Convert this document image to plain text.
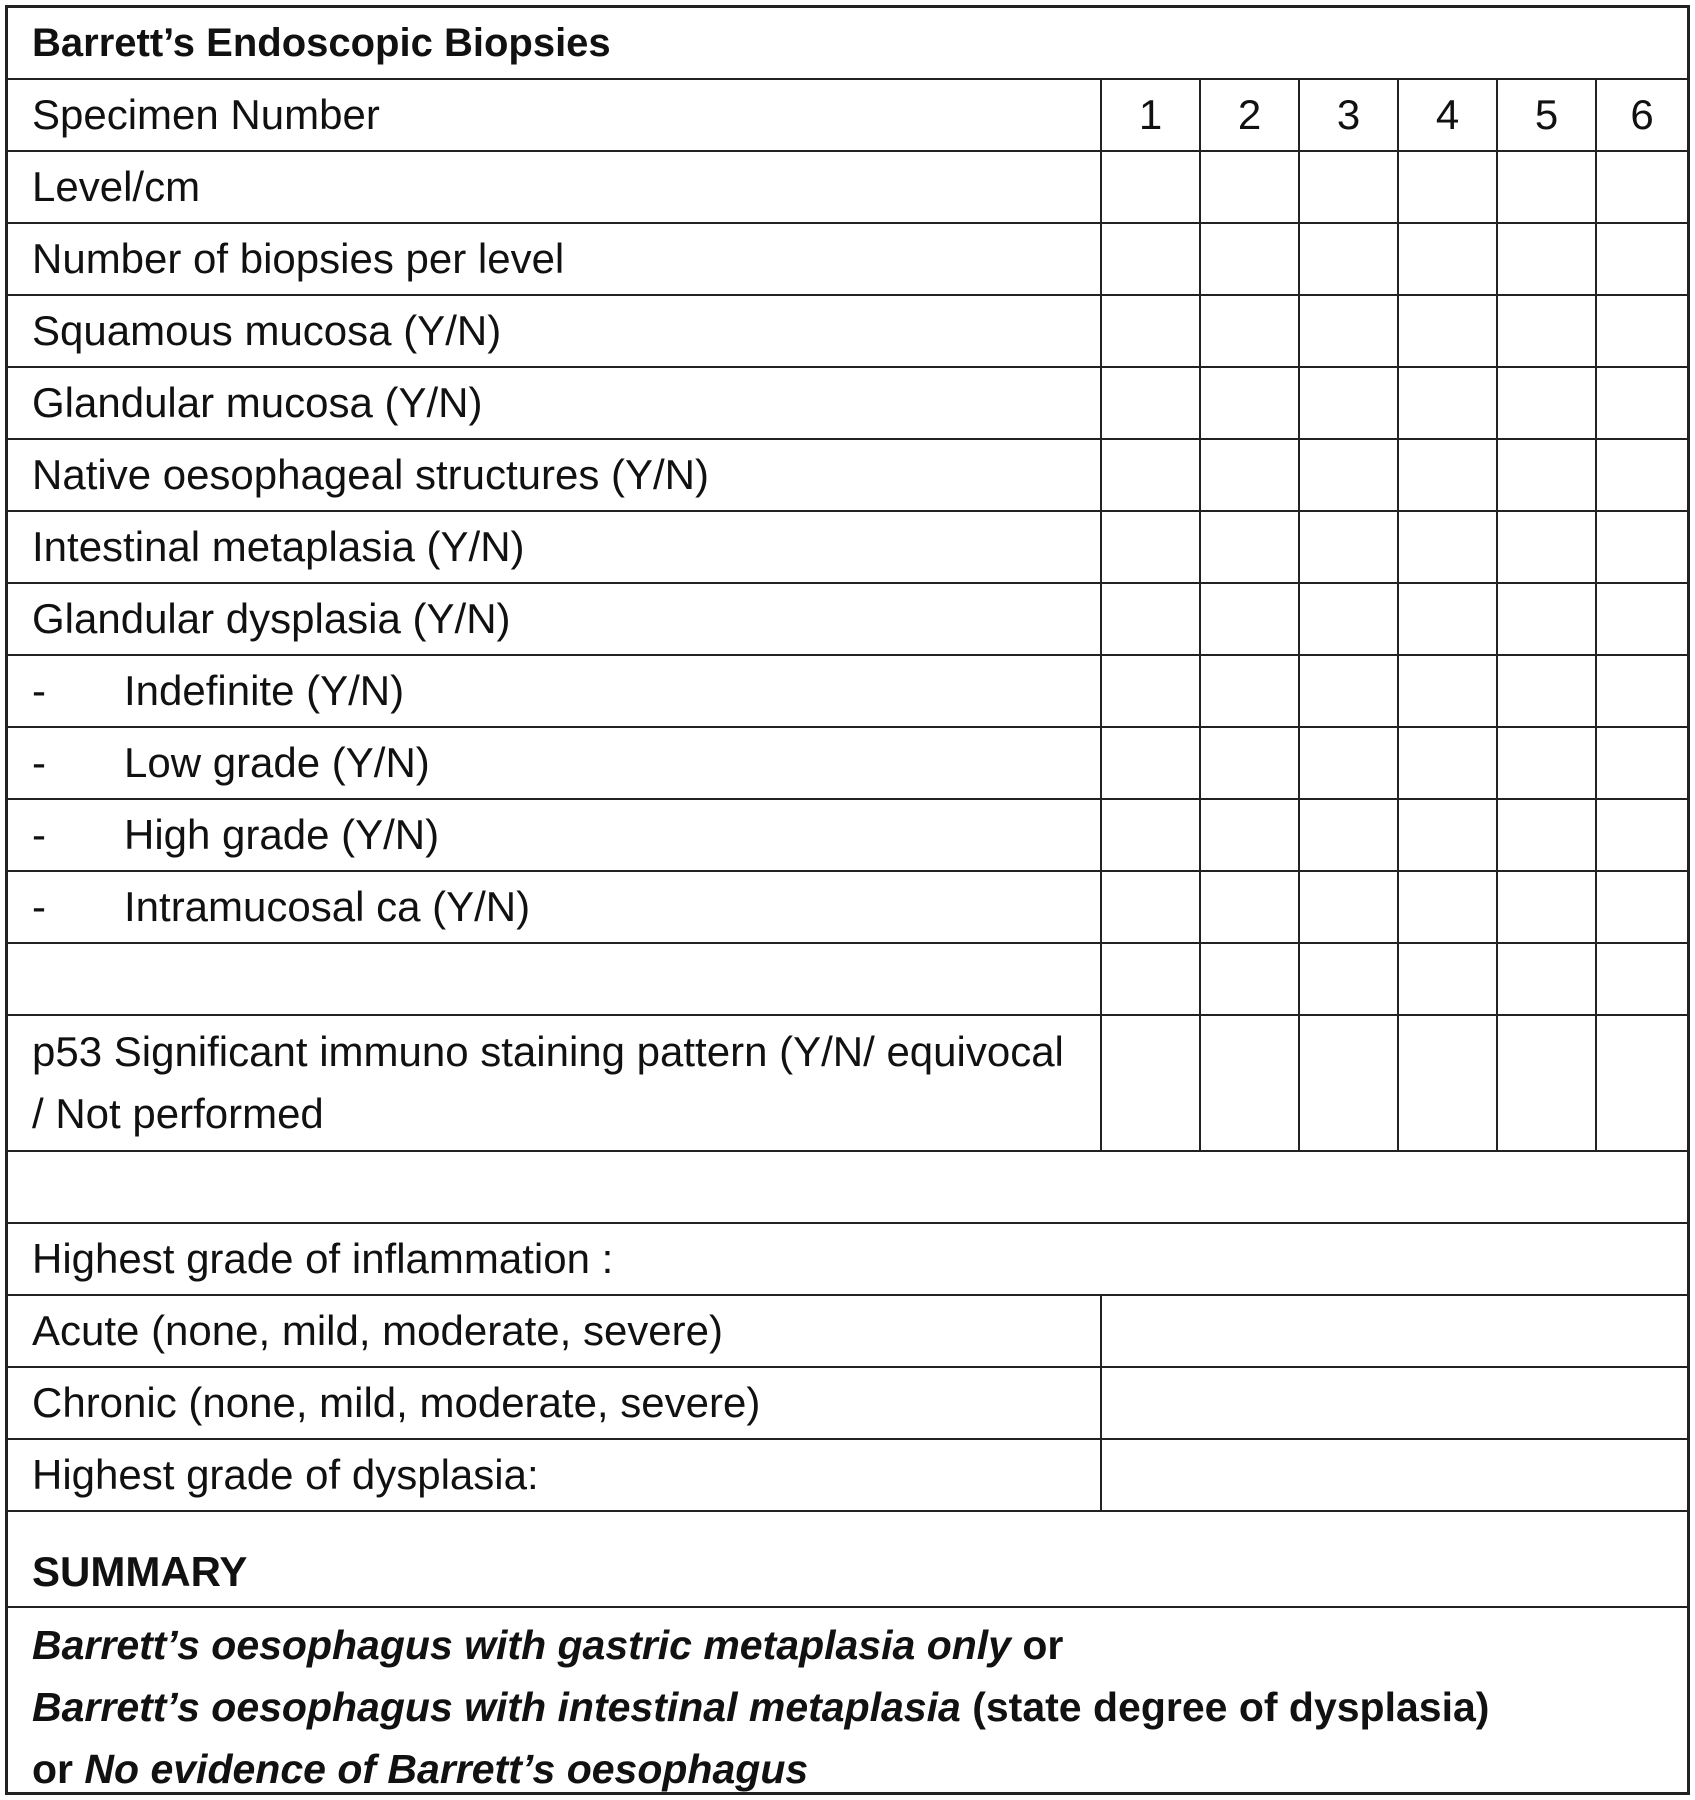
Barrett’s Endoscopic Biopsies
Specimen Number	1	2	3	4	5	6
Level/cm
Number of biopsies per level
Squamous mucosa (Y/N)
Glandular mucosa (Y/N)
Native oesophageal structures (Y/N)
Intestinal metaplasia (Y/N)
Glandular dysplasia (Y/N)
-	Indefinite (Y/N)
-	Low grade (Y/N)
-	High grade (Y/N)
-	Intramucosal ca (Y/N)
p53 Significant immuno staining pattern (Y/N/ equivocal / Not performed
Highest grade of inflammation :
Acute (none, mild, moderate, severe)
Chronic (none, mild, moderate, severe)
Highest grade of dysplasia:
SUMMARY
Barrett’s oesophagus with gastric metaplasia only or
Barrett’s oesophagus with intestinal metaplasia (state degree of dysplasia)
or No evidence of Barrett’s oesophagus
